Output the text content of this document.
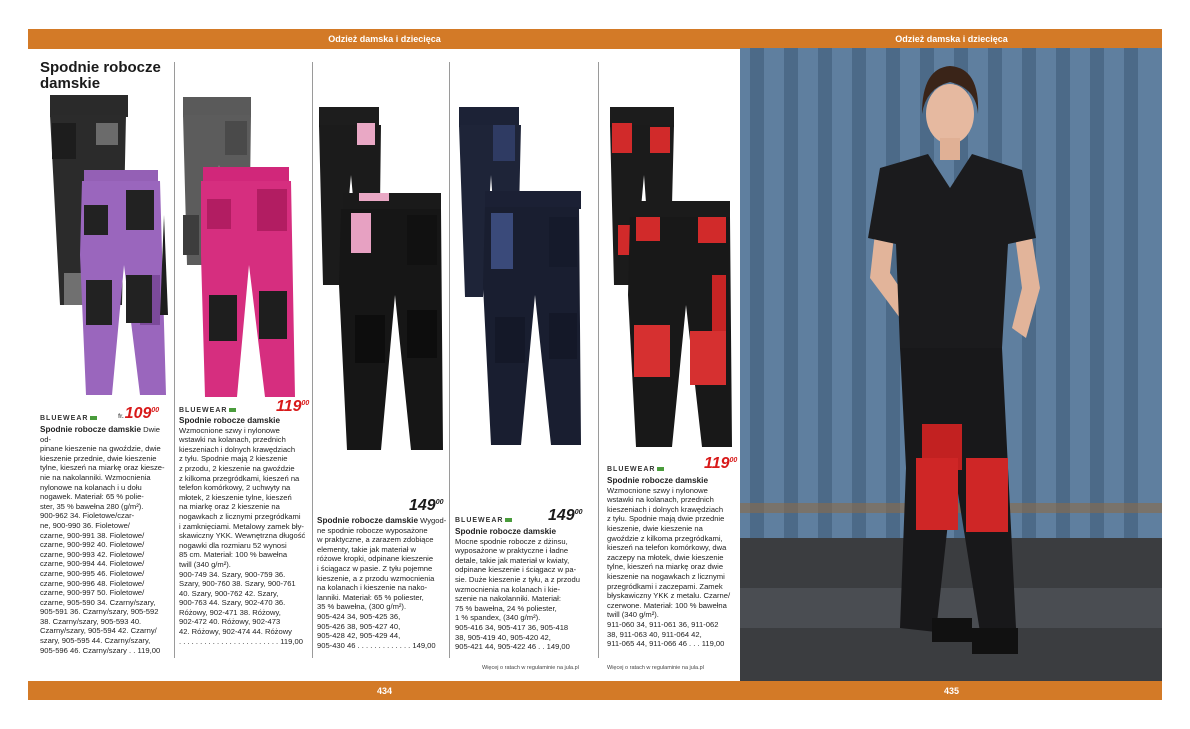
Odzież damska i dziecięca	Odzież damska i dziecięca
434	435
Spodnie robocze damskie
fr.109$^{00}$
BLUEWEAR
Spodnie robocze damskie Dwie od-
pinane kieszenie na gwoździe, dwie
kieszenie przednie, dwie kieszenie
tylne, kieszeń na miarkę oraz kiesze-
nie na nakolanniki. Wzmocnienia
nylonowe na kolanach i u dołu
nogawek. Materiał: 65 % polie-
ster, 35 % bawełna 280 (g/m²).
900-962 34. Fioletowe/czar-
ne, 900-990 36. Fioletowe/
czarne, 900-991 38. Fioletowe/
czarne, 900-992 40. Fioletowe/
czarne, 900-993 42. Fioletowe/
czarne, 900-994 44. Fioletowe/
czarne, 900-995 46. Fioletowe/
czarne, 900-996 48. Fioletowe/
czarne, 900-997 50. Fioletowe/
czarne, 905-590 34. Czarny/szary,
905-591 36. Czarny/szary, 905-592
38. Czarny/szary, 905-593 40.
Czarny/szary, 905-594 42. Czarny/
szary, 905-595 44. Czarny/szary,
905-596 46. Czarny/szary . . 119,00
BLUEWEAR	$119^{00}$
Spodnie robocze damskie
Wzmocnione szwy i nylonowe
wstawki na kolanach, przednich
kieszeniach i dolnych krawędziach
z tyłu. Spodnie mają 2 kieszenie
z przodu, 2 kieszenie na gwoździe
z kilkoma przegródkami, kieszeń na
telefon komórkowy, 2 uchwyty na
młotek, 2 kieszenie tylne, kieszeń
na miarkę oraz 2 kieszenie na
nogawkach z licznymi przegródkami
i zamknięciami. Metalowy zamek bły-
skawiczny YKK. Wewnętrzna długość
nogawki dla rozmiaru 52 wynosi
85 cm. Materiał: 100 % bawełna
twill (340 g/m²).
900-749 34. Szary, 900-759 36.
Szary, 900-760 38. Szary, 900-761
40. Szary, 900-762 42. Szary,
900-763 44. Szary, 902-470 36.
Różowy, 902-471 38. Różowy,
902-472 40. Różowy, 902-473
42. Różowy, 902-474 44. Różowy
. . . . . . . . . . . . . . . . . . . . . . . . 119,00
$149^{00}$
Spodnie robocze damskie Wygod-
ne spodnie robocze wyposażone
w praktyczne, a zarazem zdobiące
elementy, takie jak materiał w
różowe kropki, odpinane kieszenie
i ściągacz w pasie. Z tyłu pojemne
kieszenie, a z przodu wzmocnienia
na kolanach i kieszenie na nako-
lanniki. Materiał: 65 % poliester,
35 % bawełna, (300 g/m²).
905-424 34, 905-425 36,
905-426 38, 905-427 40,
905-428 42, 905-429 44,
905-430 46 . . . . . . . . . . . . . 149,00
BLUEWEAR	$149^{00}$
Spodnie robocze damskie
Mocne spodnie robocze z dżinsu,
wyposażone w praktyczne i ładne
detale, takie jak materiał w kwiaty,
odpinane kieszenie i ściągacz w pa-
sie. Duże kieszenie z tyłu, a z przodu
wzmocnienia na kolanach i kie-
szenie na nakolanniki. Materiał:
75 % bawełna, 24 % poliester,
1 % spandex, (340 g/m²).
905-416 34, 905-417 36, 905-418
38, 905-419 40, 905-420 42,
905-421 44, 905-422 46 . . 149,00
Więcej o ratach w regulaminie na jula.pl
$119^{00}$
BLUEWEAR
Spodnie robocze damskie
Wzmocnione szwy i nylonowe
wstawki na kolanach, przednich
kieszeniach i dolnych krawędziach
z tyłu. Spodnie mają dwie przednie
kieszenie, dwie kieszenie na
gwoździe z kilkoma przegródkami,
kieszeń na telefon komórkowy, dwa
zaczepy na młotek, dwie kieszenie
tylne, kieszeń na miarkę oraz dwie
kieszenie na nogawkach z licznymi
przegródkami i zaczepami. Zamek
błyskawiczny YKK z metalu. Czarne/
czerwone. Materiał: 100 % bawełna
twill (340 g/m²).
911-060 34, 911-061 36, 911-062
38, 911-063 40, 911-064 42,
911-065 44, 911-066 46 . . . 119,00
Więcej o ratach w regulaminie na jula.pl
